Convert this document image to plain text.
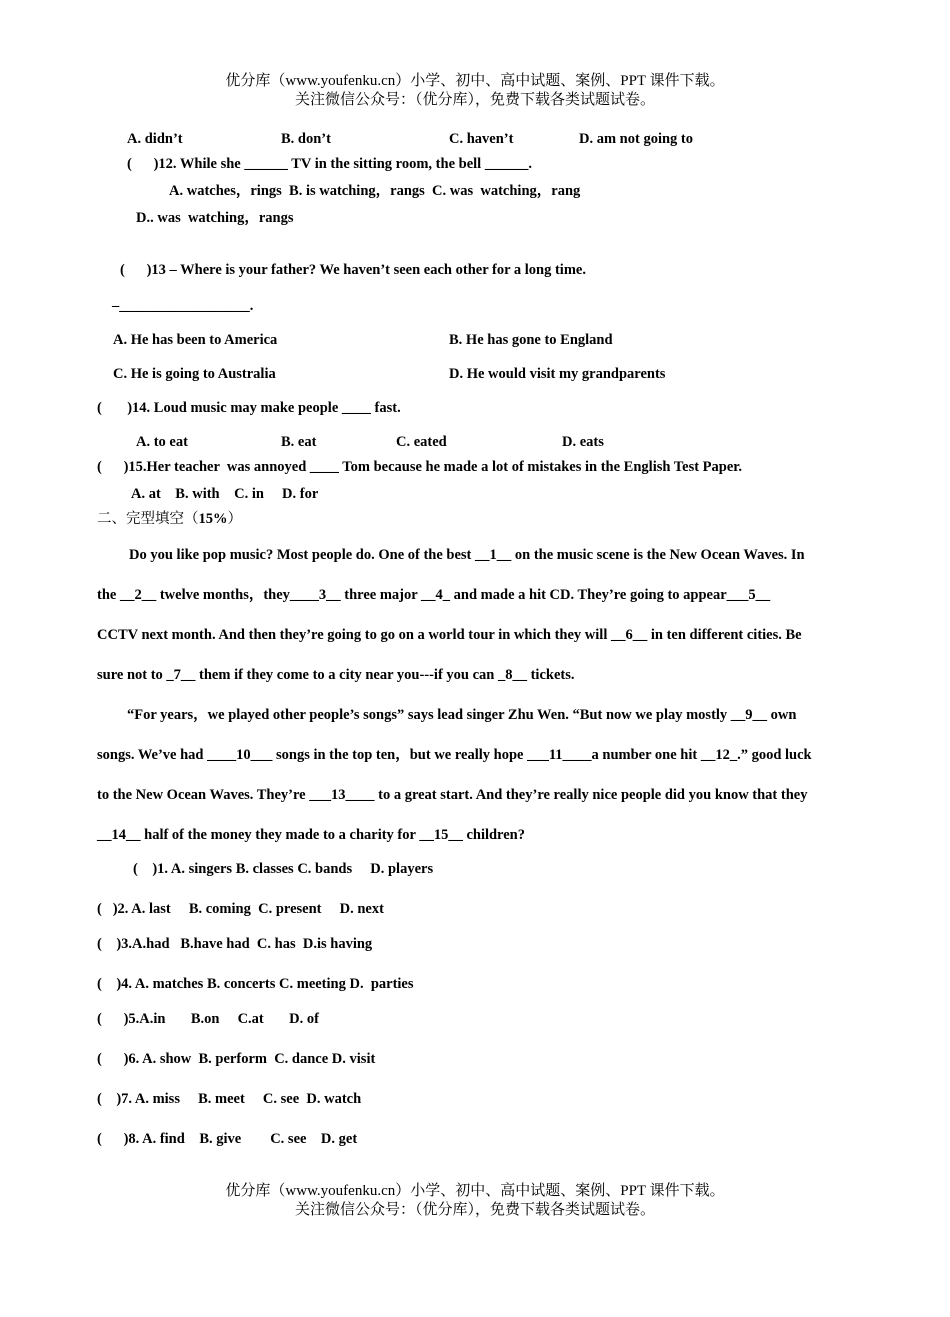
优分库（www.youfenku.cn）小学、初中、高中试题、案例、PPT 课件下载。
关注微信公众号：（优分库），免费下载各类试题试卷。
A. didn’t	B. don’t	C. haven’t	D. am not going to
(      )12. While she ______ TV in the sitting room, the bell ______.
A. watches，rings  B. is watching，rangs  C. was  watching，rang
D.. was  watching，rangs
(      )13 – Where is your father? We haven’t seen each other for a long time.
–__________________.
A. He has been to America	B. He has gone to England
C. He is going to Australia	D. He would visit my grandparents
(       )14. Loud music may make people ____ fast.
A. to eat	B. eat	C. eated	D. eats
(      )15.Her teacher  was annoyed ____ Tom because he made a lot of mistakes in the English Test Paper.
A. at    B. with    C. in     D. for
二、完型填空（15%）
Do you like pop music? Most people do. One of the best __1__ on the music scene is the New Ocean Waves. In
the __2__ twelve months，they____3__ three major __4_ and made a hit CD. They’re going to appear___5__
CCTV next month. And then they’re going to go on a world tour in which they will __6__ in ten different cities. Be
sure not to _7__ them if they come to a city near you---if you can _8__ tickets.
“For years，we played other people’s songs” says lead singer Zhu Wen. “But now we play mostly __9__ own
songs. We’ve had ____10___ songs in the top ten，but we really hope ___11____a number one hit __12_.” good luck
to the New Ocean Waves. They’re ___13____ to a great start. And they’re really nice people did you know that they
__14__ half of the money they made to a charity for __15__ children?
(    )1. A. singers B. classes C. bands     D. players
(   )2. A. last     B. coming  C. present     D. next
(    )3.A.had   B.have had  C. has  D.is having
(    )4. A. matches B. concerts C. meeting D.  parties
(      )5.A.in       B.on     C.at       D. of
(      )6. A. show  B. perform  C. dance D. visit
(    )7. A. miss     B. meet     C. see  D. watch
(      )8. A. find    B. give        C. see    D. get
优分库（www.youfenku.cn）小学、初中、高中试题、案例、PPT 课件下载。
关注微信公众号：（优分库），免费下载各类试题试卷。
